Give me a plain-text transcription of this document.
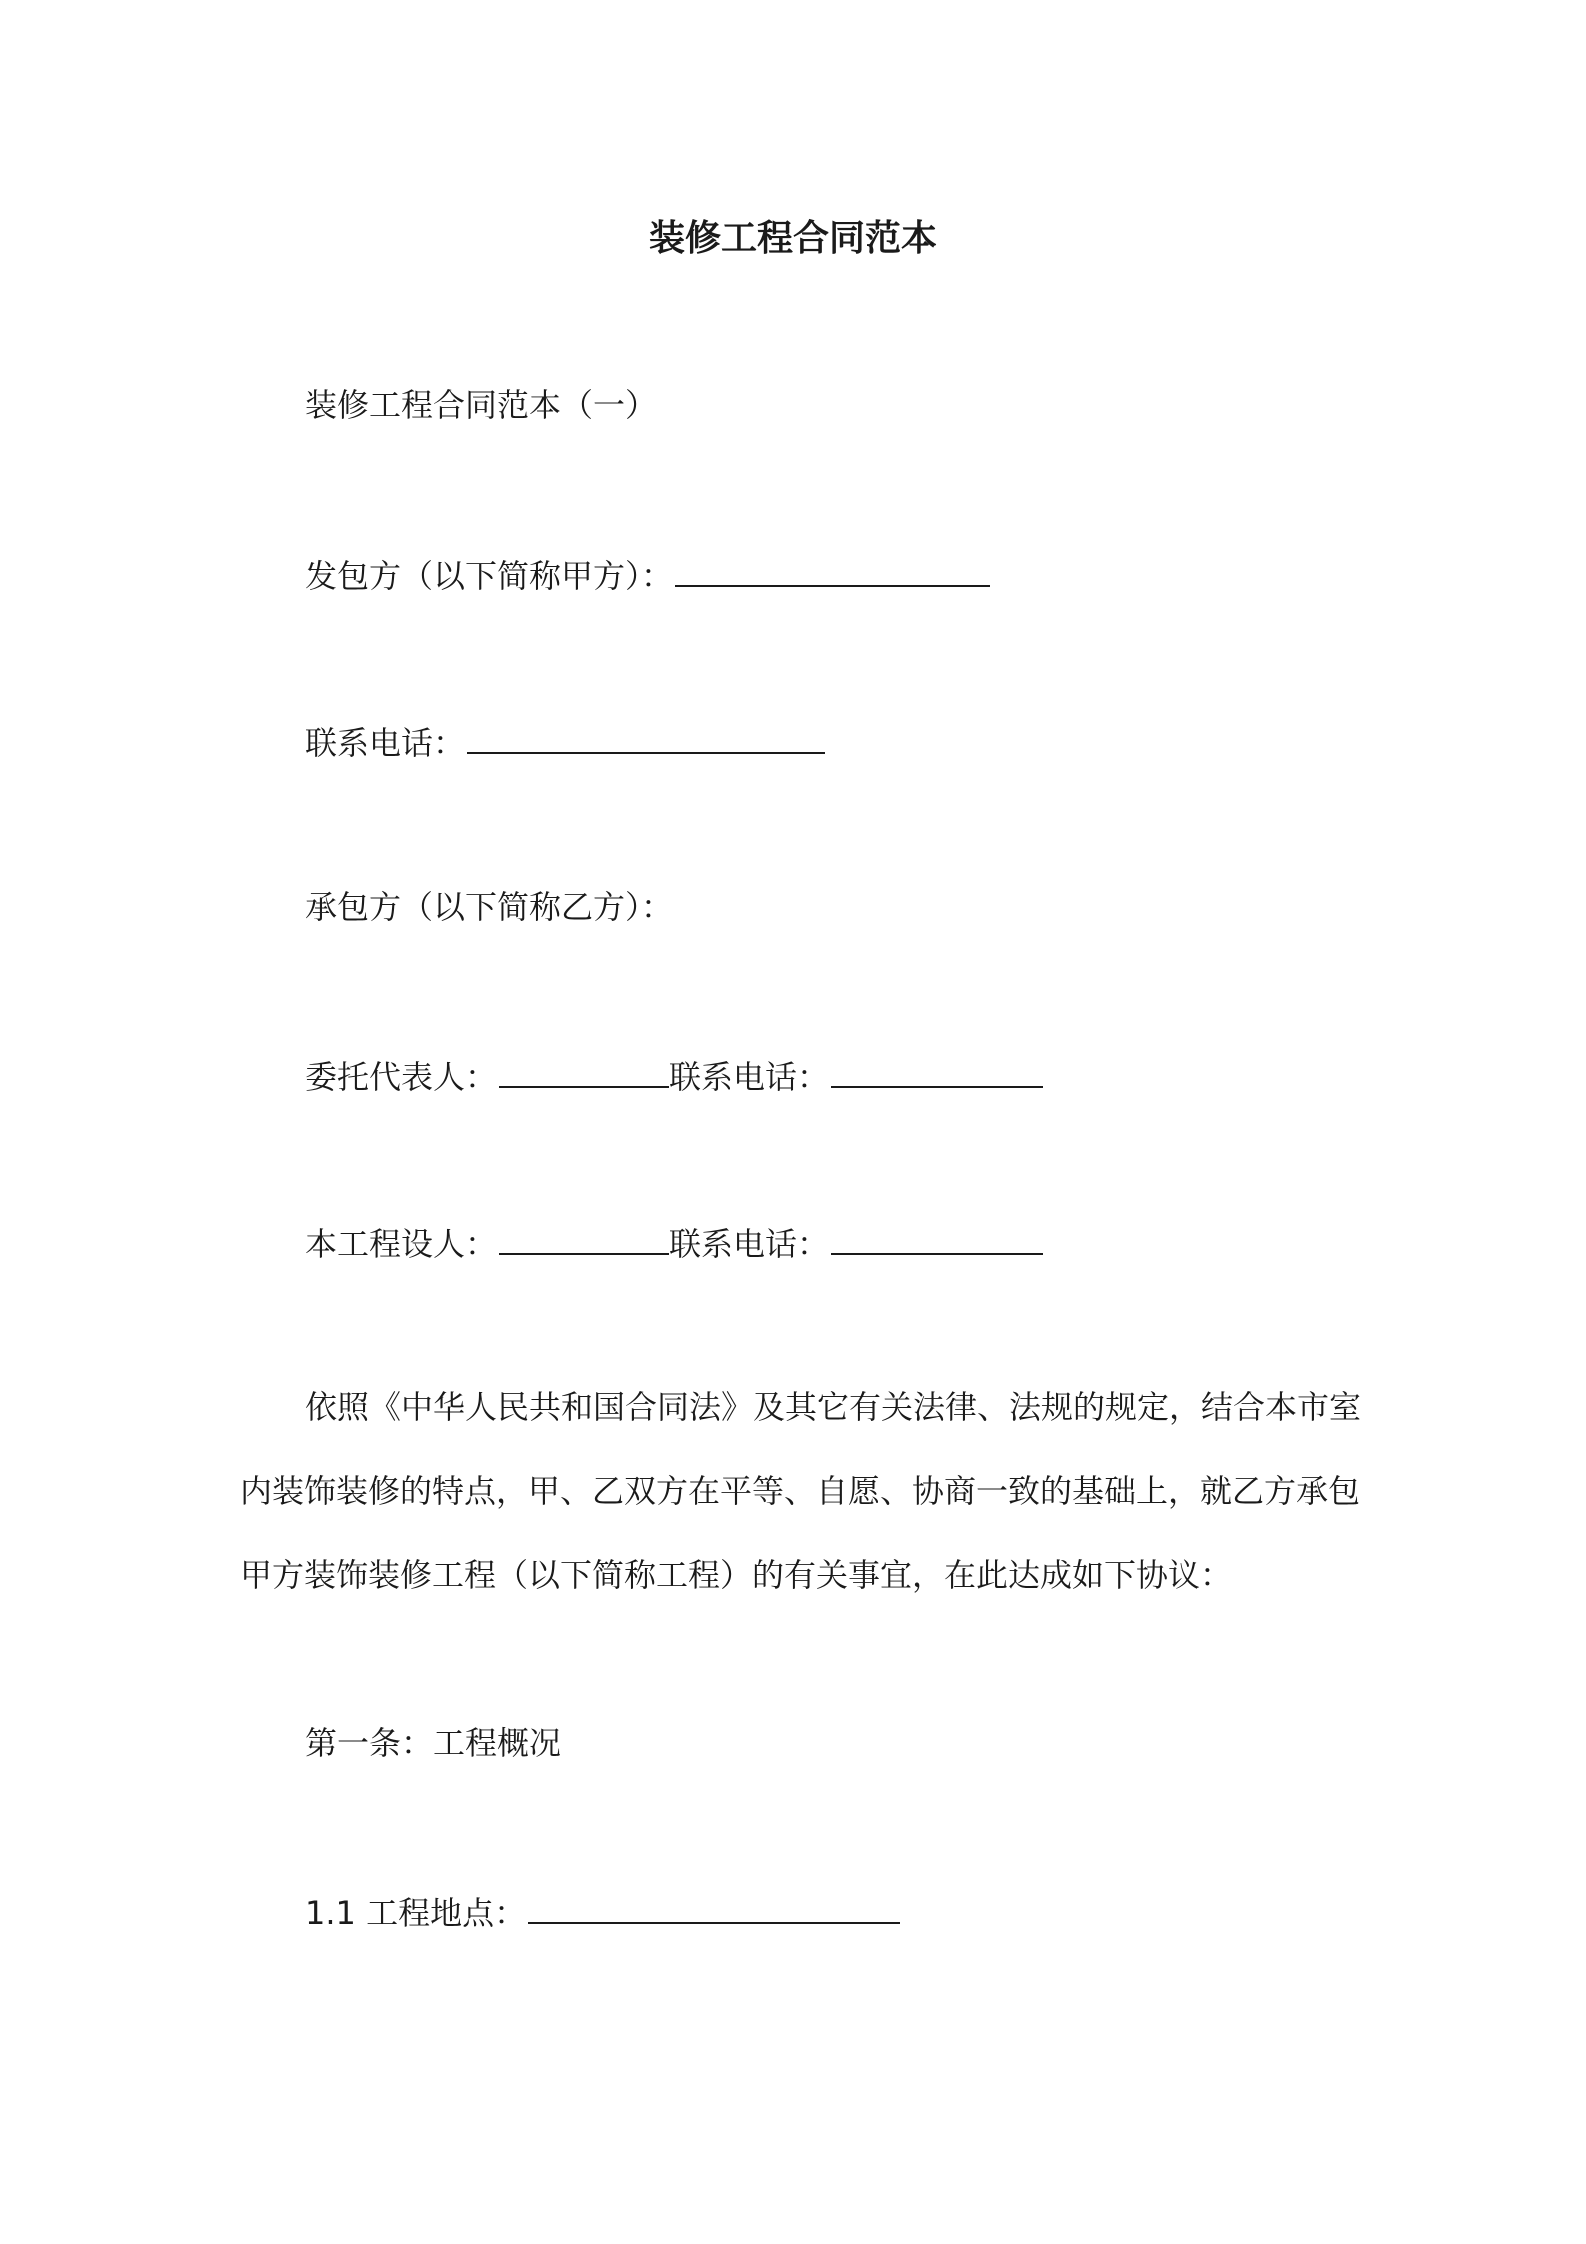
装修工程合同范本
装修工程合同范本（一）
发包方（以下简称甲方）：
联系电话：
承包方（以下简称乙方）：
委托代表人：	联系电话：
本工程设人：	联系电话：
依照《中华人民共和国合同法》及其它有关法律、法规的规定，结合本市室
内装饰装修的特点，甲、乙双方在平等、自愿、协商一致的基础上，就乙方承包
甲方装饰装修工程（以下简称工程）的有关事宜，在此达成如下协议：
第一条：工程概况
1.1 工程地点：
